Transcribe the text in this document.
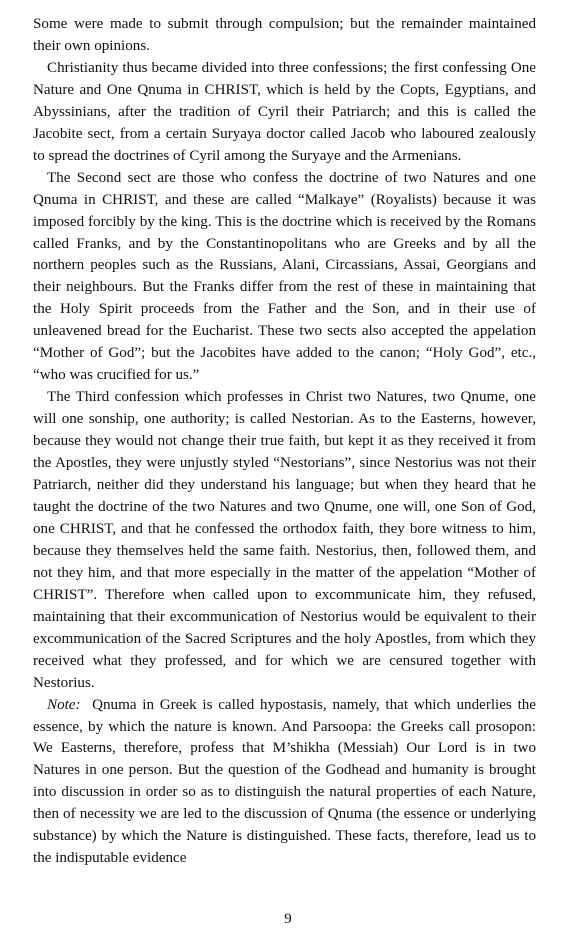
Some were made to submit through compulsion; but the remainder maintained their own opinions.

Christianity thus became divided into three confessions; the first confessing One Nature and One Qnuma in CHRIST, which is held by the Copts, Egyptians, and Abyssinians, after the tradition of Cyril their Patriarch; and this is called the Jacobite sect, from a certain Suryaya doctor called Jacob who laboured zealously to spread the doctrines of Cyril among the Suryaye and the Armenians.

The Second sect are those who confess the doctrine of two Natures and one Qnuma in CHRIST, and these are called “Malkaye” (Royalists) because it was imposed forcibly by the king. This is the doctrine which is received by the Romans called Franks, and by the Constantinopolitans who are Greeks and by all the northern peoples such as the Russians, Alani, Circassians, Assai, Georgians and their neighbours. But the Franks differ from the rest of these in maintaining that the Holy Spirit proceeds from the Father and the Son, and in their use of unleavened bread for the Eucharist. These two sects also accepted the appelation “Mother of God”; but the Jacobites have added to the canon; “Holy God”, etc., “who was crucified for us.”

The Third confession which professes in Christ two Natures, two Qnume, one will one sonship, one authority; is called Nestorian. As to the Easterns, however, because they would not change their true faith, but kept it as they received it from the Apostles, they were unjustly styled “Nestorians”, since Nestorius was not their Patriarch, neither did they understand his language; but when they heard that he taught the doctrine of the two Natures and two Qnume, one will, one Son of God, one CHRIST, and that he confessed the orthodox faith, they bore witness to him, because they themselves held the same faith. Nestorius, then, followed them, and not they him, and that more especially in the matter of the appelation “Mother of CHRIST”. Therefore when called upon to excommunicate him, they refused, maintaining that their excommunication of Nestorius would be equivalent to their excommunication of the Sacred Scriptures and the holy Apostles, from which they received what they professed, and for which we are censured together with Nestorius.

Note: Qnuma in Greek is called hypostasis, namely, that which underlies the essence, by which the nature is known. And Parsoopa: the Greeks call prosopon: We Easterns, therefore, profess that M’shikha (Messiah) Our Lord is in two Natures in one person. But the question of the Godhead and humanity is brought into discussion in order so as to distinguish the natural properties of each Nature, then of necessity we are led to the discussion of Qnuma (the essence or underlying substance) by which the Nature is distinguished. These facts, therefore, lead us to the indisputable evidence

9
